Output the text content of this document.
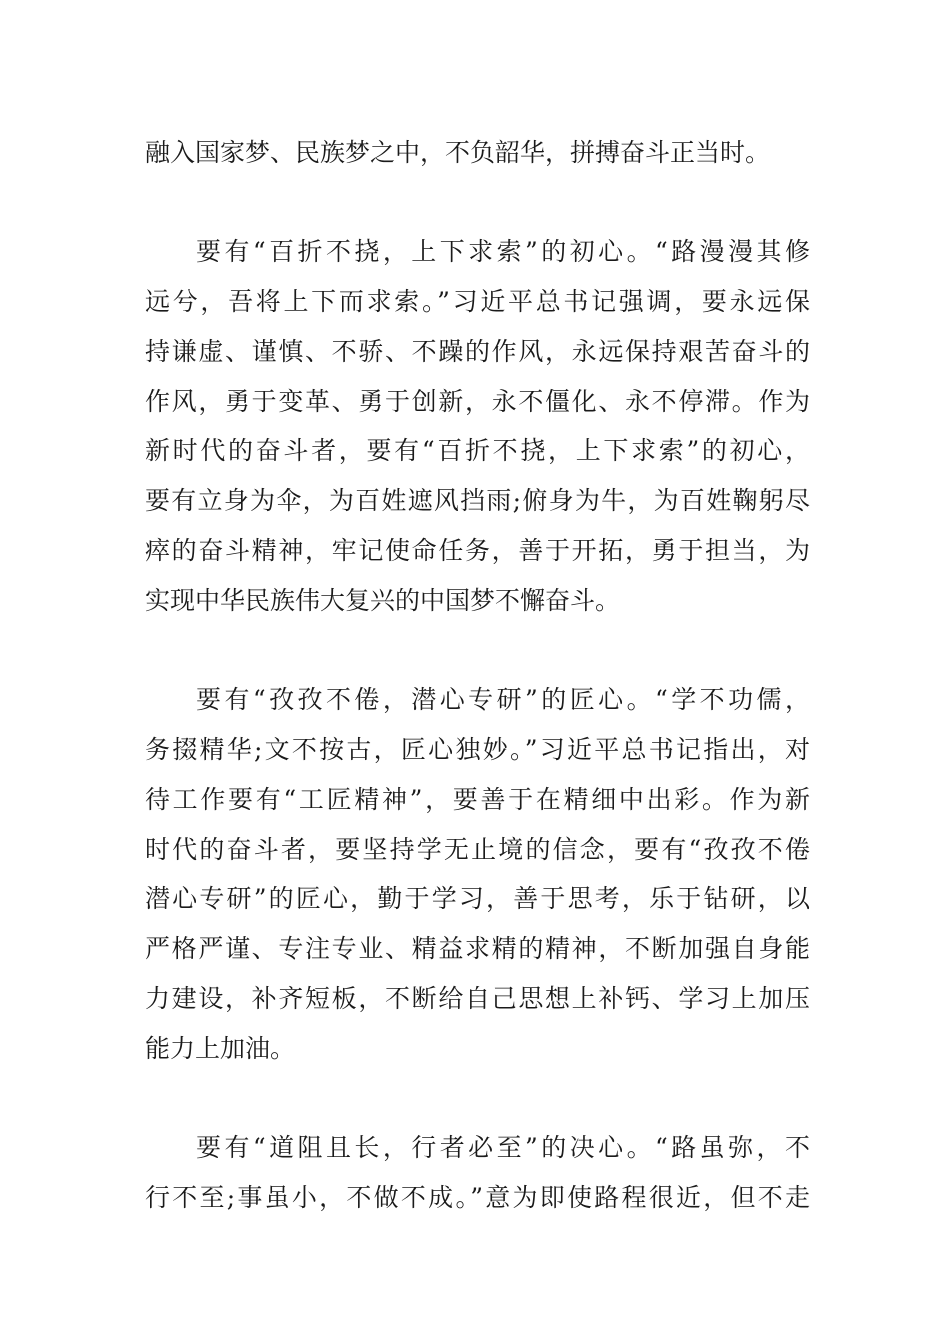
融入国家梦、民族梦之中，不负韶华，拼搏奋斗正当时。
要有“百折不挠，上下求索”的初心。“路漫漫其修
远兮，吾将上下而求索。”习近平总书记强调，要永远保
持谦虚、谨慎、不骄、不躁的作风，永远保持艰苦奋斗的
作风，勇于变革、勇于创新，永不僵化、永不停滞。作为
新时代的奋斗者，要有“百折不挠，上下求索”的初心，
要有立身为伞，为百姓遮风挡雨;俯身为牛，为百姓鞠躬尽
瘁的奋斗精神，牢记使命任务，善于开拓，勇于担当，为
实现中华民族伟大复兴的中国梦不懈奋斗。
要有“孜孜不倦，潜心专研”的匠心。“学不功儒，
务掇精华;文不按古，匠心独妙。”习近平总书记指出，对
待工作要有“工匠精神”，要善于在精细中出彩。作为新
时代的奋斗者，要坚持学无止境的信念，要有“孜孜不倦
潜心专研”的匠心，勤于学习，善于思考，乐于钻研，以
严格严谨、专注专业、精益求精的精神，不断加强自身能
力建设，补齐短板，不断给自己思想上补钙、学习上加压
能力上加油。
要有“道阻且长，行者必至”的决心。“路虽弥，不
行不至;事虽小，不做不成。”意为即使路程很近，但不走
